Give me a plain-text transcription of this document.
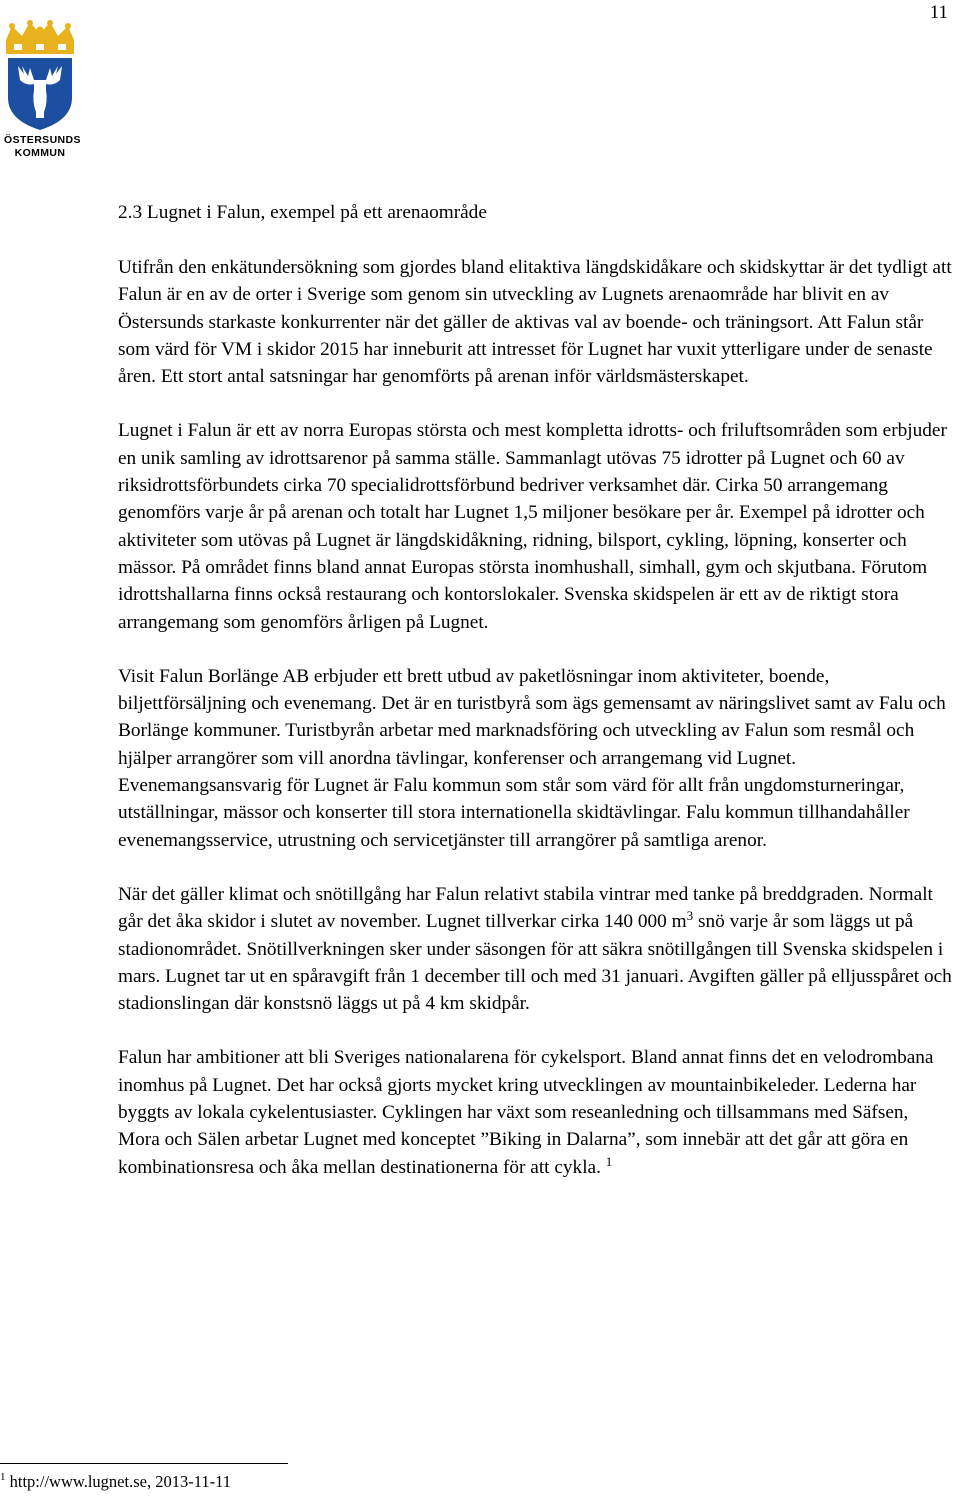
11
ÖSTERSUNDS
KOMMUN
2.3 Lugnet i Falun, exempel på ett arenaområde

Utifrån den enkätundersökning som gjordes bland elitaktiva längdskidåkare och skidskyttar är det tydligt att Falun är en av de orter i Sverige som genom sin utveckling av Lugnets arenaområde har blivit en av Östersunds starkaste konkurrenter när det gäller de aktivas val av boende- och träningsort. Att Falun står som värd för VM i skidor 2015 har inneburit att intresset för Lugnet har vuxit ytterligare under de senaste åren. Ett stort antal satsningar har genomförts på arenan inför världsmästerskapet.

Lugnet i Falun är ett av norra Europas största och mest kompletta idrotts- och friluftsområden som erbjuder en unik samling av idrottsarenor på samma ställe. Sammanlagt utövas 75 idrotter på Lugnet och 60 av riksidrottsförbundets cirka 70 specialidrottsförbund bedriver verksamhet där. Cirka 50 arrangemang genomförs varje år på arenan och totalt har Lugnet 1,5 miljoner besökare per år. Exempel på idrotter och aktiviteter som utövas på Lugnet är längdskidåkning, ridning, bilsport, cykling, löpning, konserter och mässor. På området finns bland annat Europas största inomhushall, simhall, gym och skjutbana. Förutom idrottshallarna finns också restaurang och kontorslokaler. Svenska skidspelen är ett av de riktigt stora arrangemang som genomförs årligen på Lugnet.

Visit Falun Borlänge AB erbjuder ett brett utbud av paketlösningar inom aktiviteter, boende, biljettförsäljning och evenemang. Det är en turistbyrå som ägs gemensamt av näringslivet samt av Falu och Borlänge kommuner. Turistbyrån arbetar med marknadsföring och utveckling av Falun som resmål och hjälper arrangörer som vill anordna tävlingar, konferenser och arrangemang vid Lugnet. Evenemangsansvarig för Lugnet är Falu kommun som står som värd för allt från ungdomsturneringar, utställningar, mässor och konserter till stora internationella skidtävlingar. Falu kommun tillhandahåller evenemangsservice, utrustning och servicetjänster till arrangörer på samtliga arenor.

När det gäller klimat och snötillgång har Falun relativt stabila vintrar med tanke på breddgraden. Normalt går det åka skidor i slutet av november. Lugnet tillverkar cirka 140 000 $m^3$ snö varje år som läggs ut på stadionområdet. Snötillverkningen sker under säsongen för att säkra snötillgången till Svenska skidspelen i mars. Lugnet tar ut en spåravgift från 1 december till och med 31 januari. Avgiften gäller på elljusspåret och stadionslingan där konstsnö läggs ut på 4 km skidpår.

Falun har ambitioner att bli Sveriges nationalarena för cykelsport. Bland annat finns det en velodrombana inomhus på Lugnet. Det har också gjorts mycket kring utvecklingen av mountainbikeleder. Lederna har byggts av lokala cykelentusiaster. Cyklingen har växt som reseanledning och tillsammans med Säfsen, Mora och Sälen arbetar Lugnet med konceptet ”Biking in Dalarna”, som innebär att det går att göra en kombinationsresa och åka mellan destinationerna för att cykla. $^1$

$^1$ http://www.lugnet.se, 2013-11-11
